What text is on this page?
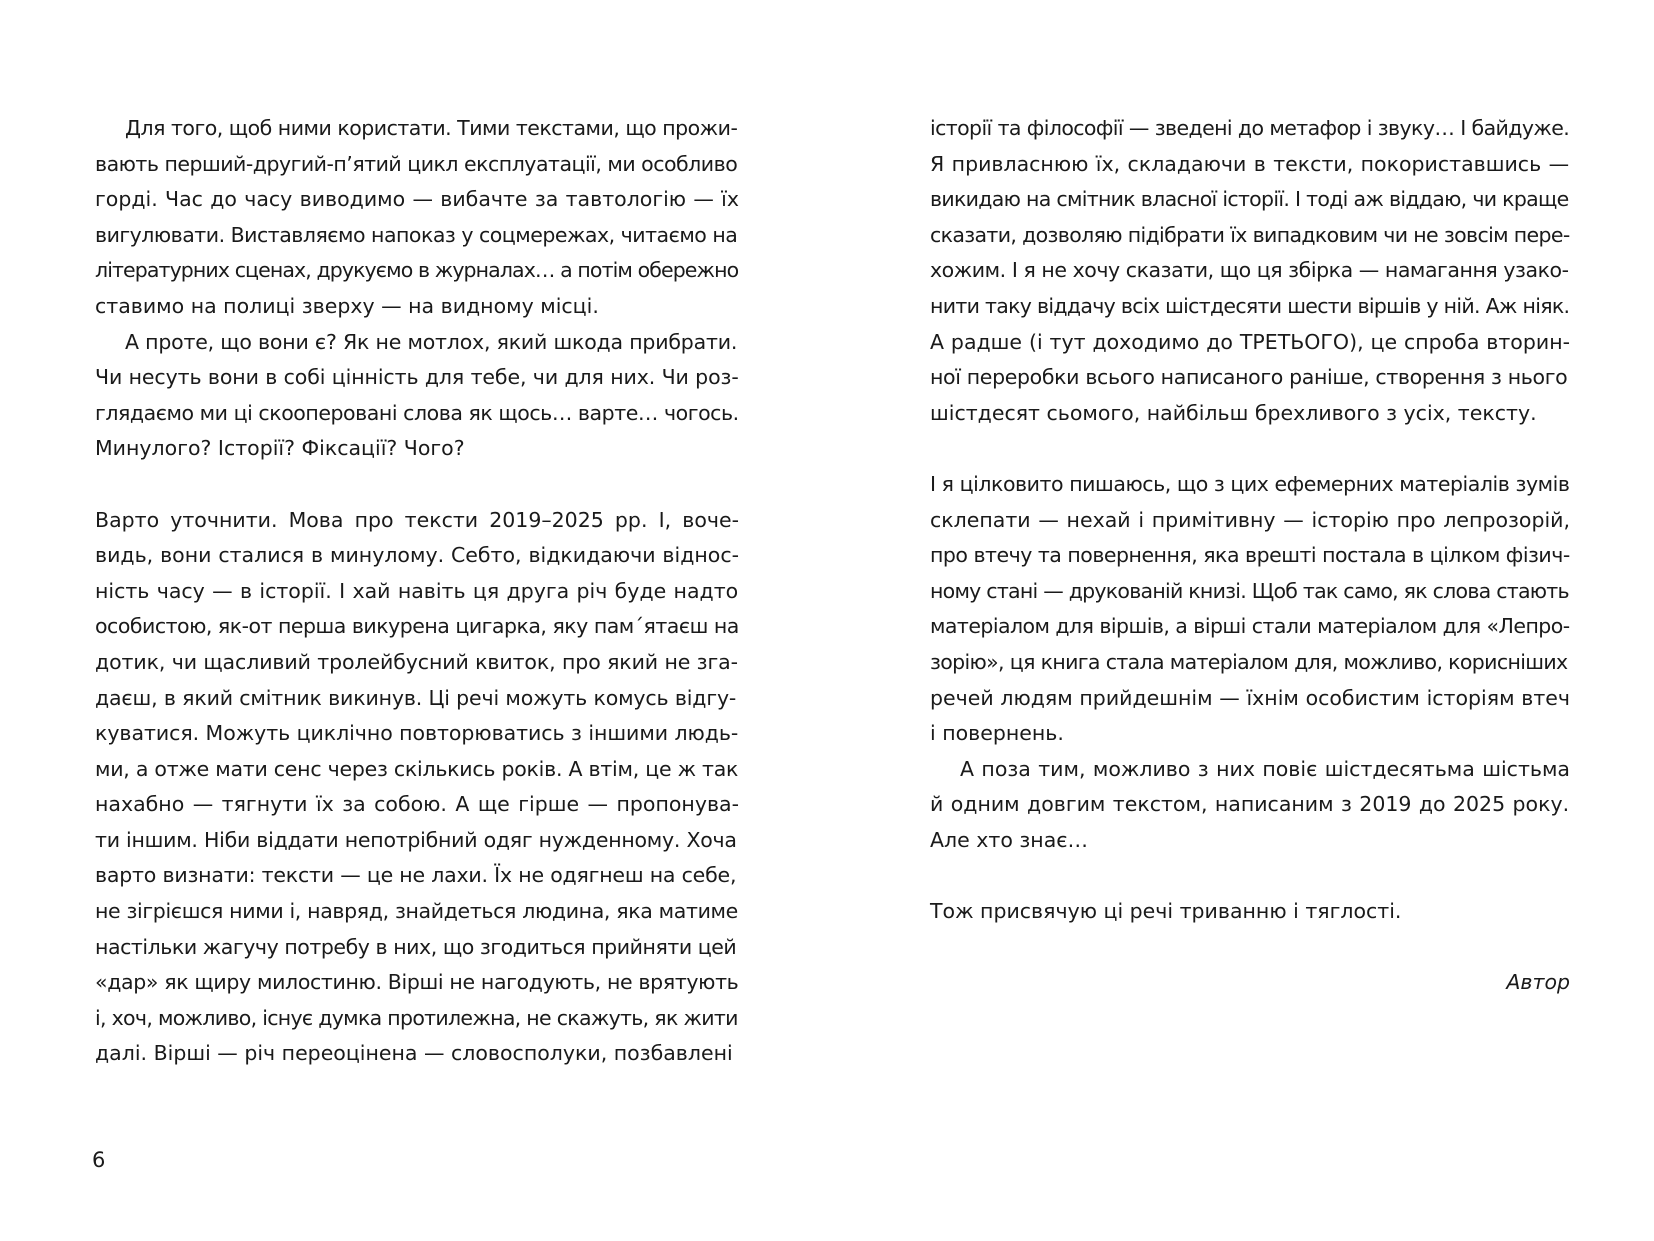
Для того, щоб ними користати. Тими текстами, що прожи-
вають перший-другий-п’ятий цикл експлуатації, ми особливо
горді. Час до часу виводимо — вибачте за тавтологію — їх
вигулювати. Виставляємо напоказ у соцмережах, читаємо на
літературних сценах, друкуємо в журналах… а потім обережно
ставимо на полиці зверху — на видному місці.
А проте, що вони є? Як не мотлох, який шкода прибрати.
Чи несуть вони в собі цінність для тебе, чи для них. Чи роз-
глядаємо ми ці скооперовані слова як щось… варте… чогось.
Минулого? Історії? Фіксації? Чого?
Варто уточнити. Мова про тексти 2019–2025 рр. І, воче-
видь, вони сталися в минулому. Себто, відкидаючи віднос-
ність часу — в історії. І хай навіть ця друга річ буде надто
особистою, як-от перша викурена цигарка, яку пам´ятаєш на
дотик, чи щасливий тролейбусний квиток, про який не зга-
даєш, в який смітник викинув. Ці речі можуть комусь відгу-
куватися. Можуть циклічно повторюватись з іншими людь-
ми, а отже мати сенс через скількись років. А втім, це ж так
нахабно — тягнути їх за собою. А ще гірше — пропонува-
ти іншим. Ніби віддати непотрібний одяг нужденному. Хоча
варто визнати: тексти — це не лахи. Їх не одягнеш на себе,
не зігрієшся ними і, навряд, знайдеться людина, яка матиме
настільки жагучу потребу в них, що згодиться прийняти цей
«дар» як щиру милостиню. Вірші не нагодують, не врятують
і, хоч, можливо, існує думка протилежна, не скажуть, як жити
далі. Вірші — річ переоцінена — словосполуки, позбавлені
історії та філософії — зведені до метафор і звуку… І байдуже.
Я привласнюю їх, складаючи в тексти, покориставшись —
викидаю на смітник власної історії. І тоді аж віддаю, чи краще
сказати, дозволяю підібрати їх випадковим чи не зовсім пере-
хожим. І я не хочу сказати, що ця збірка — намагання узако-
нити таку віддачу всіх шістдесяти шести віршів у ній. Аж ніяк.
А радше (і тут доходимо до ТРЕТЬОГО), це спроба вторин-
ної переробки всього написаного раніше, створення з нього
шістдесят сьомого, найбільш брехливого з усіх, тексту.
І я цілковито пишаюсь, що з цих ефемерних матеріалів зумів
склепати — нехай і примітивну — історію про лепрозорій,
про втечу та повернення, яка врешті постала в цілком фізич-
ному стані — друкованій книзі. Щоб так само, як слова стають
матеріалом для віршів, а вірші стали матеріалом для «Лепро-
зорію», ця книга стала матеріалом для, можливо, корисніших
речей людям прийдешнім — їхнім особистим історіям втеч
і повернень.
А поза тим, можливо з них повіє шістдесятьма шістьма
й одним довгим текстом, написаним з 2019 до 2025 року.
Але хто знає…
Тож присвячую ці речі триванню і тяглості.
Автор
6
